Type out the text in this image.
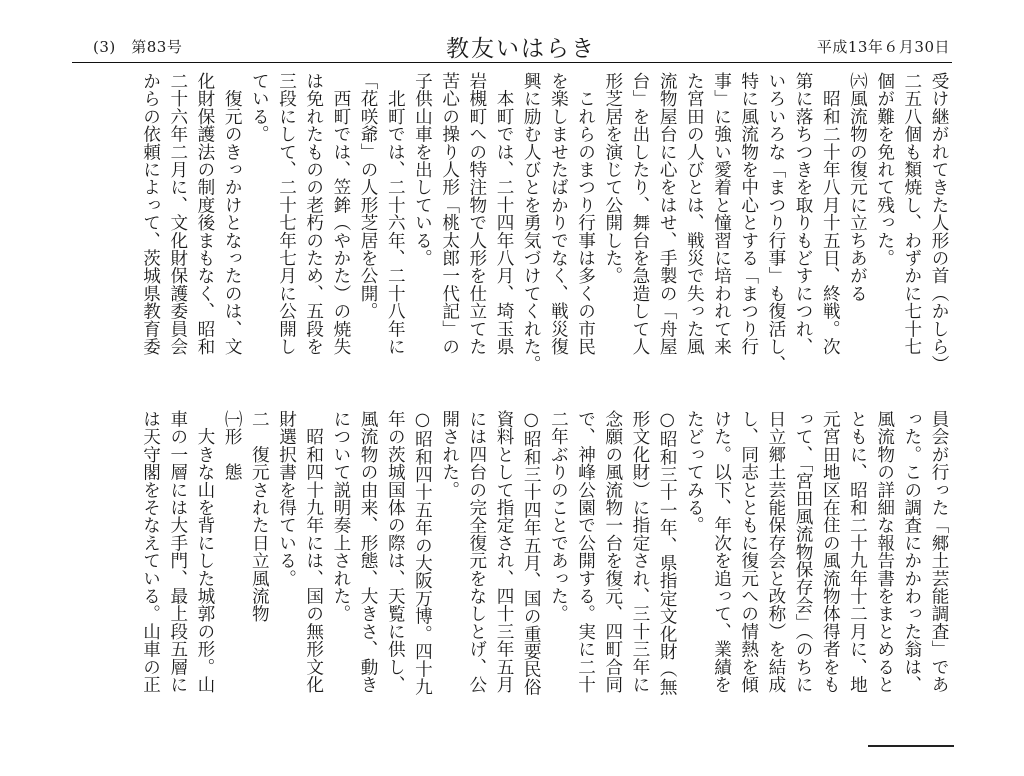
(3)　第83号	教友いはらき	平成13年６月30日
受け継がれてきた人形の首（かしら）
二五八個も類焼し、わずかに七十七
個が難を免れて残った。
㈥風流物の復元に立ちあがる
　昭和二十年八月十五日、終戦。次
第に落ちつきを取りもどすにつれ、
いろいろな「まつり行事」も復活し、
特に風流物を中心とする「まつり行
事」に強い愛着と憧習に培われて来
た宮田の人びとは、戦災で失った風
流物屋台に心をはせ、手製の「舟屋
台」を出したり、舞台を急造して人
形芝居を演じて公開した。
　これらのまつり行事は多くの市民
を楽しませたばかりでなく、戦災復
興に励む人びとを勇気づけてくれた。
　本町では、二十四年八月、埼玉県
岩槻町への特注物で人形を仕立てた
苦心の操り人形「桃太郎一代記」の
子供山車を出している。
　北町では、二十六年、二十八年に
「花咲爺」の人形芝居を公開。
　西町では、笠鉾（やかた）の焼失
は免れたものの老朽のため、五段を
三段にして、二十七年七月に公開し
ている。
　復元のきっかけとなったのは、文
化財保護法の制度後まもなく、昭和
二十六年二月に、文化財保護委員会
からの依頼によって、茨城県教育委
員会が行った「郷土芸能調査」であ
った。この調査にかかわった翁は、
風流物の詳細な報告書をまとめると
ともに、昭和二十九年十二月に、地
元宮田地区在住の風流物体得者をも
って、「宮田風流物保存会」（のちに
日立郷土芸能保存会と改称）を結成
し、同志とともに復元への情熱を傾
けた。以下、年次を追って、業績を
たどってみる。
○昭和三十一年、県指定文化財（無
形文化財）に指定され、三十三年に
念願の風流物一台を復元、四町合同
で、神峰公園で公開する。実に二十
二年ぶりのことであった。
○昭和三十四年五月、国の重要民俗
資料として指定され、四十三年五月
には四台の完全復元をなしとげ、公
開された。
○昭和四十五年の大阪万博。四十九
年の茨城国体の際は、天覧に供し、
風流物の由来、形態、大きさ、動き
について説明奏上された。
　昭和四十九年には、国の無形文化
財選択書を得ている。
二　復元された日立風流物
㈠形　態
　大きな山を背にした城郭の形。山
車の一層には大手門、最上段五層に
は天守閣をそなえている。山車の正
